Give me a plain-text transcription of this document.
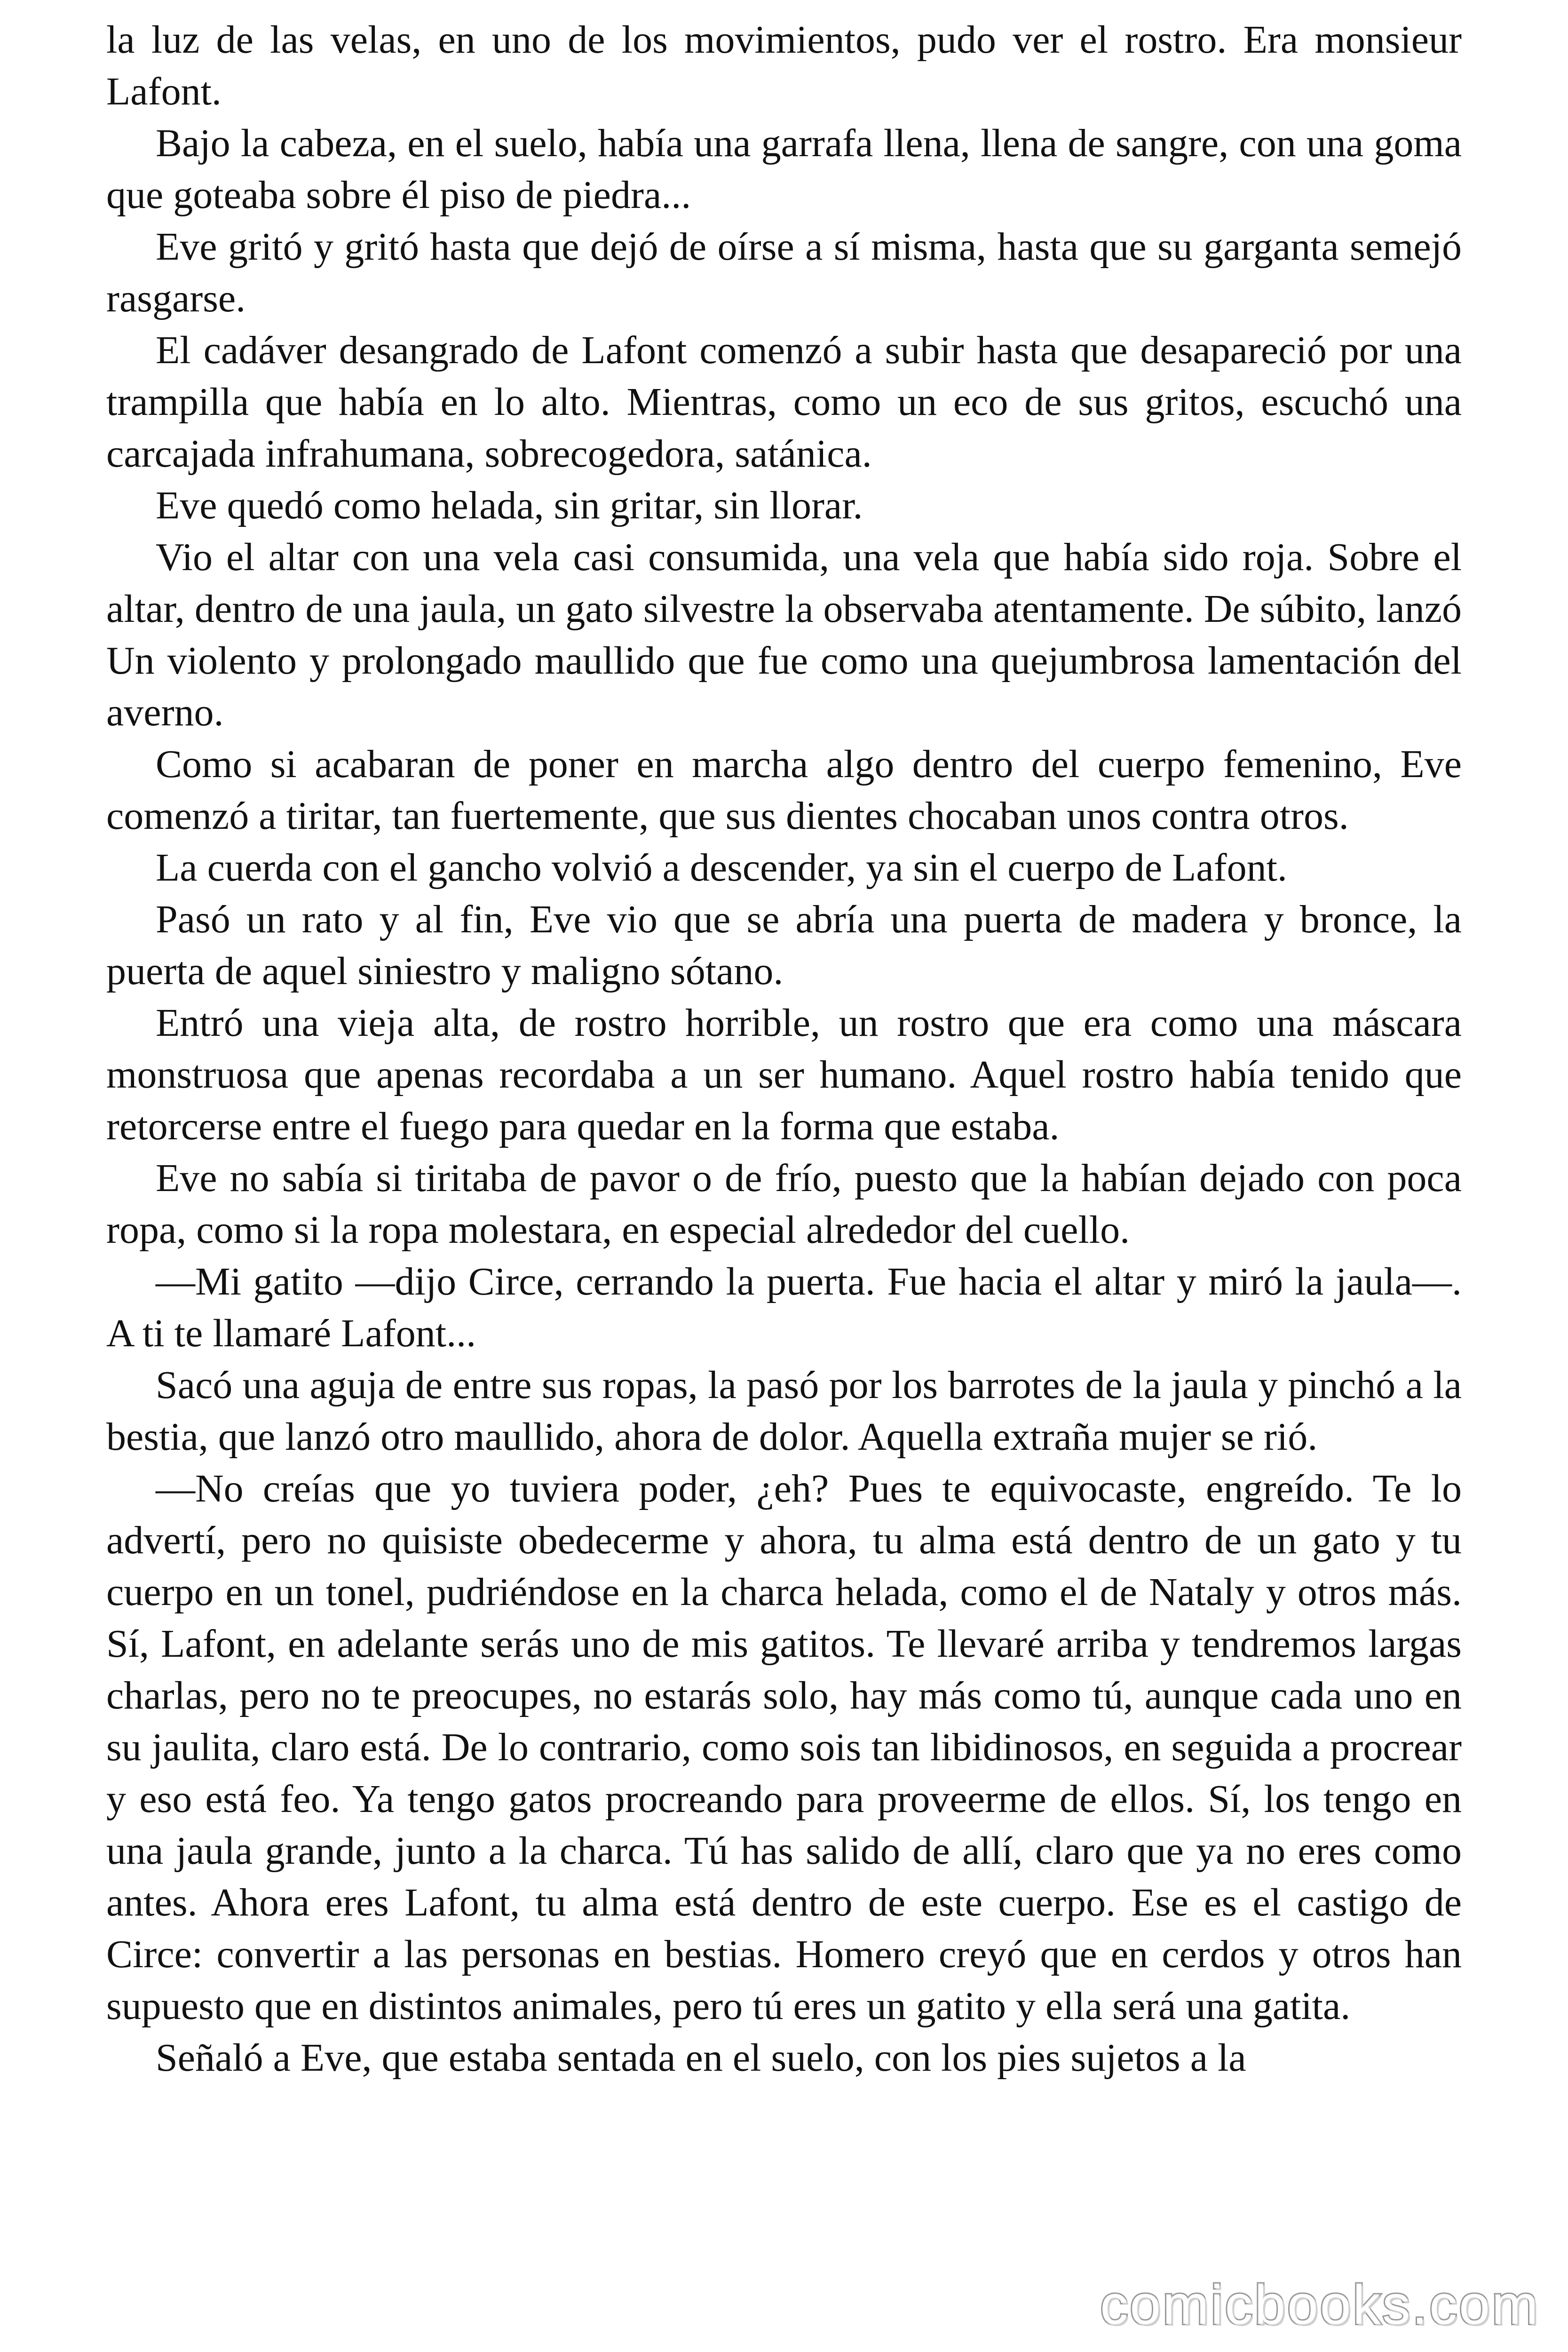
la luz de las velas, en uno de los movimientos, pudo ver el rostro. Era monsieur Lafont.

Bajo la cabeza, en el suelo, había una garrafa llena, llena de sangre, con una goma que goteaba sobre él piso de piedra...

Eve gritó y gritó hasta que dejó de oírse a sí misma, hasta que su garganta semejó rasgarse.

El cadáver desangrado de Lafont comenzó a subir hasta que desapareció por una trampilla que había en lo alto. Mientras, como un eco de sus gritos, escuchó una carcajada infrahumana, sobrecogedora, satánica.

Eve quedó como helada, sin gritar, sin llorar.

Vio el altar con una vela casi consumida, una vela que había sido roja. Sobre el altar, dentro de una jaula, un gato silvestre la observaba atentamente. De súbito, lanzó Un violento y prolongado maullido que fue como una quejumbrosa lamentación del averno.

Como si acabaran de poner en marcha algo dentro del cuerpo femenino, Eve comenzó a tiritar, tan fuertemente, que sus dientes chocaban unos contra otros.

La cuerda con el gancho volvió a descender, ya sin el cuerpo de Lafont.

Pasó un rato y al fin, Eve vio que se abría una puerta de madera y bronce, la puerta de aquel siniestro y maligno sótano.

Entró una vieja alta, de rostro horrible, un rostro que era como una máscara monstruosa que apenas recordaba a un ser humano. Aquel rostro había tenido que retorcerse entre el fuego para quedar en la forma que estaba.

Eve no sabía si tiritaba de pavor o de frío, puesto que la habían dejado con poca ropa, como si la ropa molestara, en especial alrededor del cuello.

—Mi gatito —dijo Circe, cerrando la puerta. Fue hacia el altar y miró la jaula—. A ti te llamaré Lafont...

Sacó una aguja de entre sus ropas, la pasó por los barrotes de la jaula y pinchó a la bestia, que lanzó otro maullido, ahora de dolor. Aquella extraña mujer se rió.

—No creías que yo tuviera poder, ¿eh? Pues te equivocaste, engreído. Te lo advertí, pero no quisiste obedecerme y ahora, tu alma está dentro de un gato y tu cuerpo en un tonel, pudriéndose en la charca helada, como el de Nataly y otros más. Sí, Lafont, en adelante serás uno de mis gatitos. Te llevaré arriba y tendremos largas charlas, pero no te preocupes, no estarás solo, hay más como tú, aunque cada uno en su jaulita, claro está. De lo contrario, como sois tan libidinosos, en seguida a procrear y eso está feo. Ya tengo gatos procreando para proveerme de ellos. Sí, los tengo en una jaula grande, junto a la charca. Tú has salido de allí, claro que ya no eres como antes. Ahora eres Lafont, tu alma está dentro de este cuerpo. Ese es el castigo de Circe: convertir a las personas en bestias. Homero creyó que en cerdos y otros han supuesto que en distintos animales, pero tú eres un gatito y ella será una gatita.

Señaló a Eve, que estaba sentada en el suelo, con los pies sujetos a la

comicbooks.com
